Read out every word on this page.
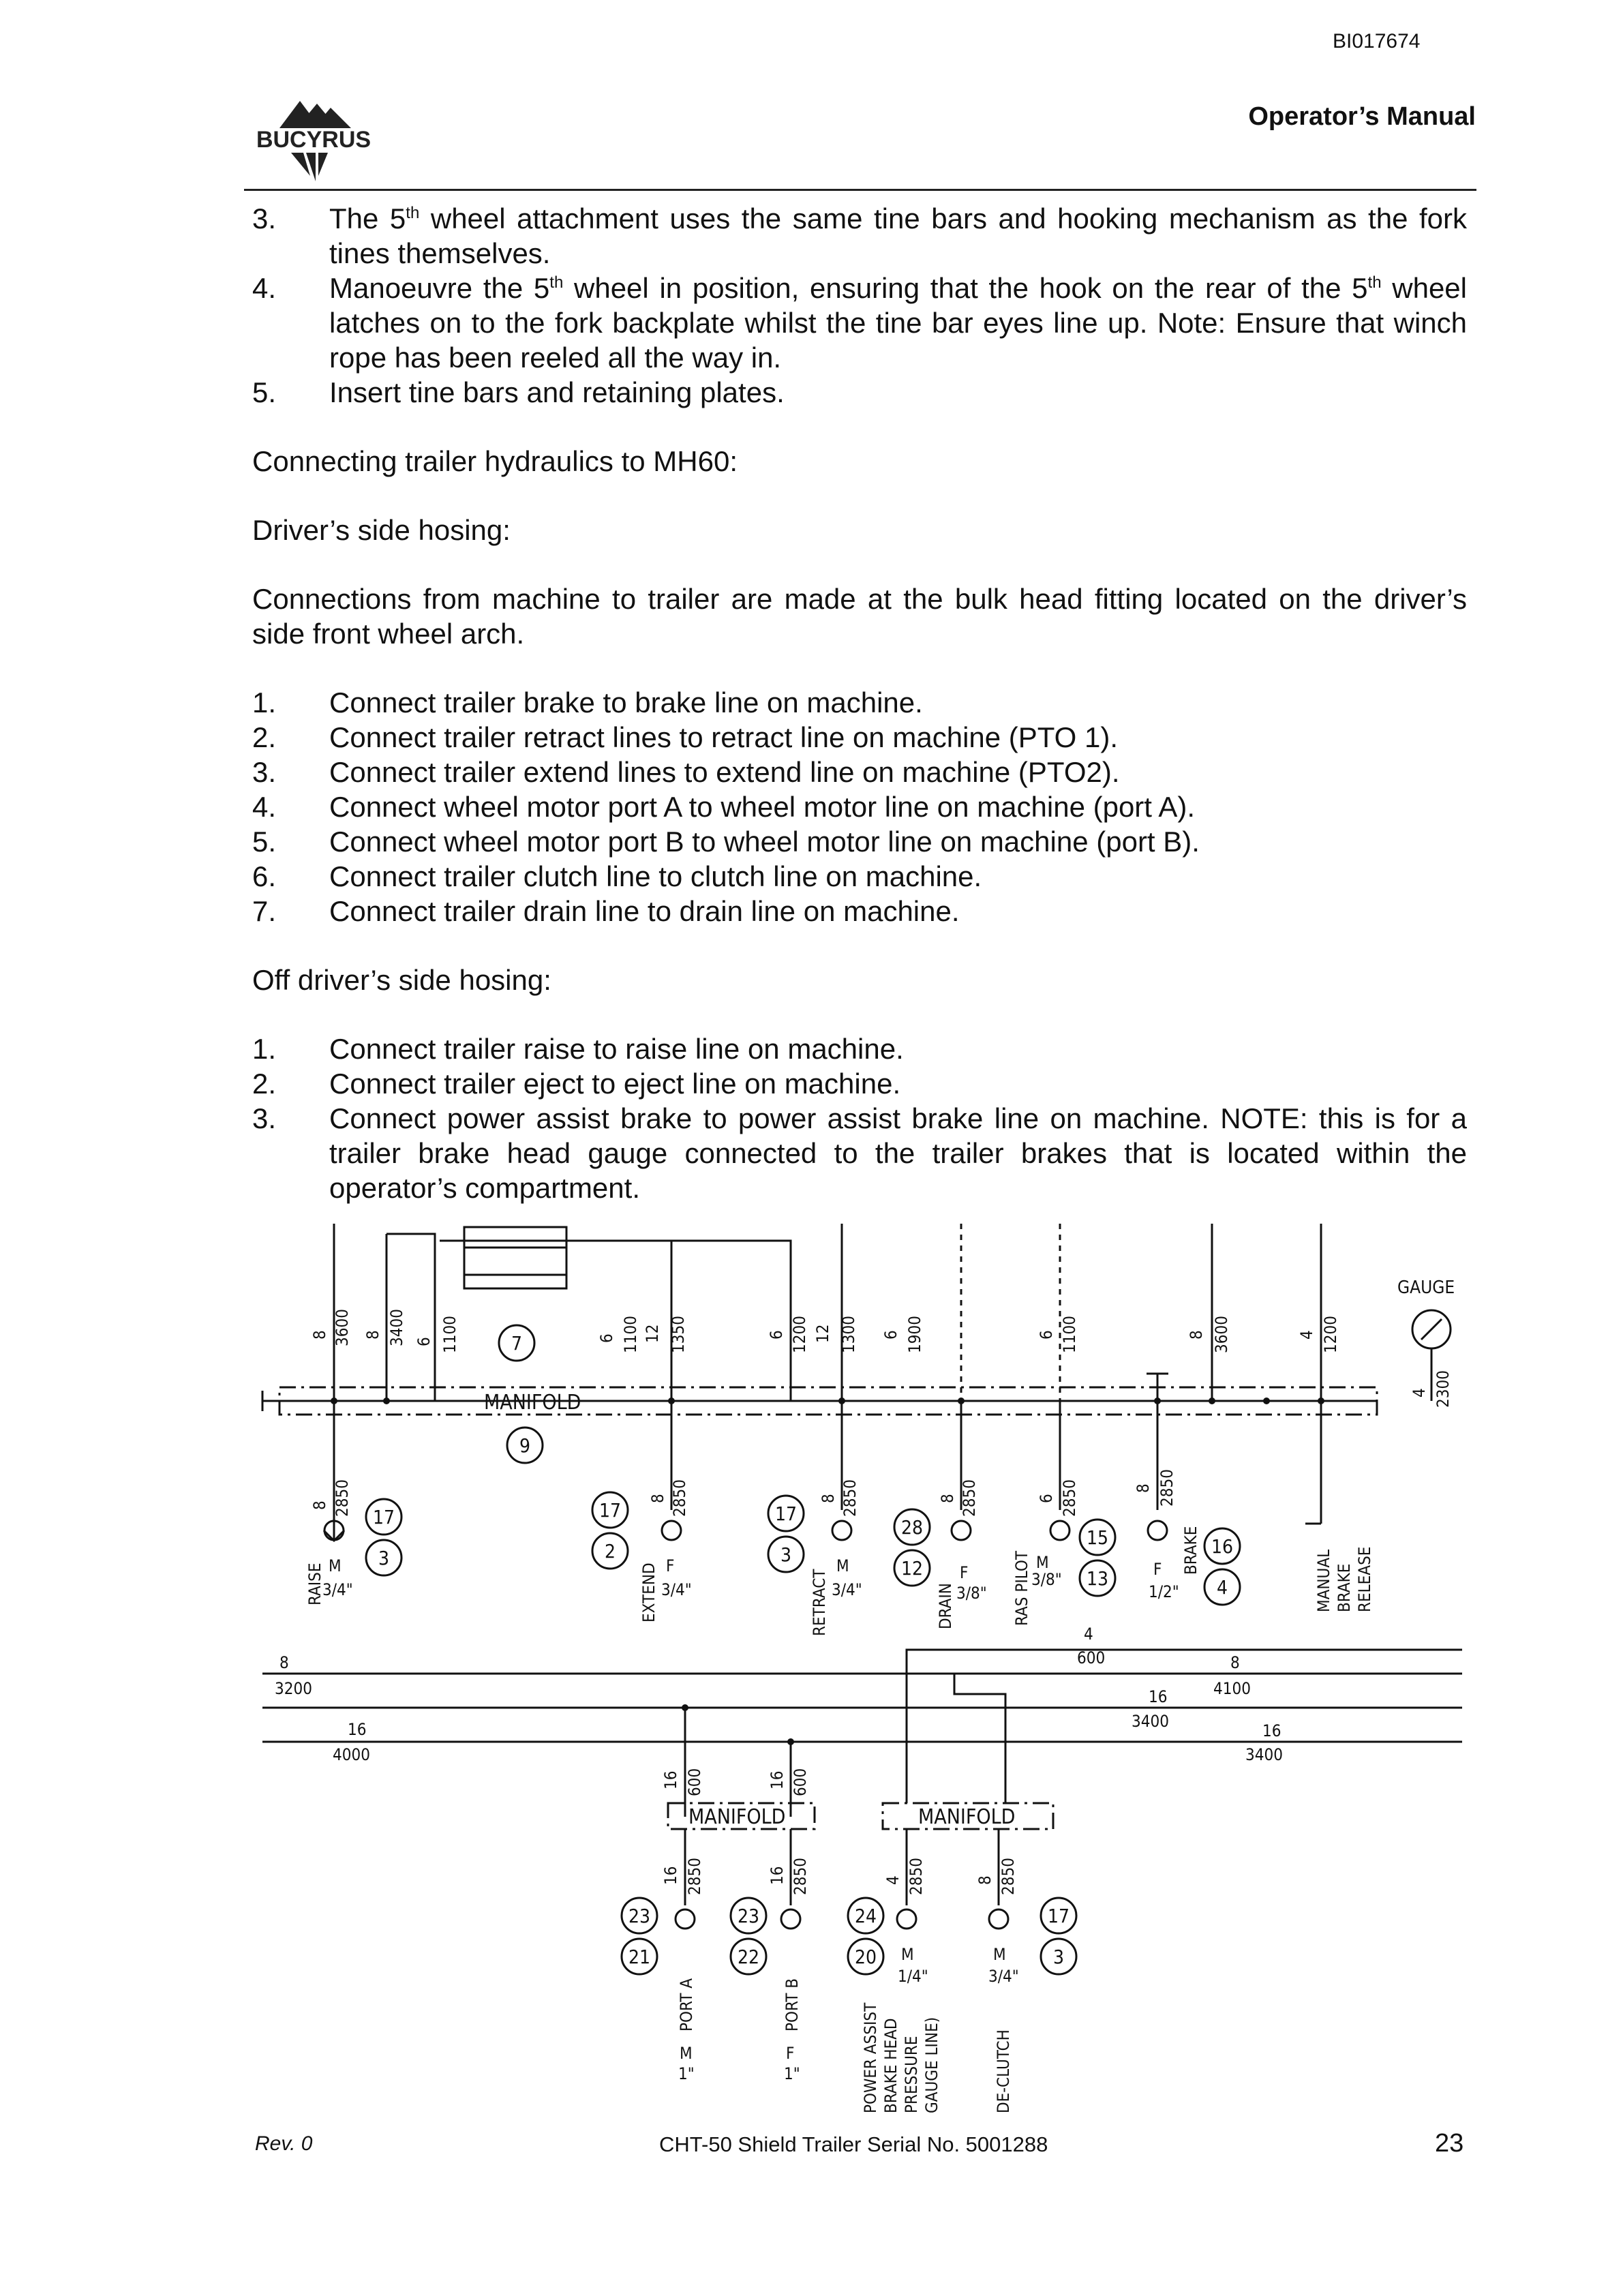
BI017674
BUCYRUS
Operator’s Manual
3.	The 5th wheel attachment uses the same tine bars and hooking mechanism as the fork tines themselves.
4.	Manoeuvre the 5th wheel in position, ensuring that the hook on the rear of the 5th wheel latches on to the fork backplate whilst the tine bar eyes line up. Note: Ensure that winch rope has been reeled all the way in.
5.	Insert tine bars and retaining plates.

Connecting trailer hydraulics to MH60:

Driver’s side hosing:

Connections from machine to trailer are made at the bulk head fitting located on the driver’s side front wheel arch.

1.	Connect trailer brake to brake line on machine.
2.	Connect trailer retract lines to retract line on machine (PTO 1).
3.	Connect trailer extend lines to extend line on machine (PTO2).
4.	Connect wheel motor port A to wheel motor line on machine (port A).
5.	Connect wheel motor port B to wheel motor line on machine (port B).
6.	Connect trailer clutch line to clutch line on machine.
7.	Connect trailer drain line to drain line on machine.

Off driver’s side hosing:

1.	Connect trailer raise to raise line on machine.
2.	Connect trailer eject to eject line on machine.
3.	Connect power assist brake to power assist brake line on machine. NOTE: this is for a trailer brake head gauge connected to the trailer brakes that is located within the operator’s compartment.
8 3600 8 3400 6 1100	6 1100 12 1350	6 1200 12 1300 6 1900	6 1100	8 3600	4 1200
4 2300
GAUGE
MANIFOLD
9
7
RAISE
8 2850
M
3/4"	EXTEND
8 2850
F
3/4"	RETRACT
8 2850
M
3/4"	DRAIN
8 2850
F
3/8" RAS PILOT
6 2850
M
3/8"
BRAKE
8 2850
F
1/2"	MANUAL BRAKE RELEASE
17
3
17
2
17
3
28
12
15
13
16
4
8
3200
16
4000
4
600	8
4100
16
3400	16
3400
16 600	16 600
MANIFOLD	MANIFOLD
16 2850
PORT A
M
1"
16 2850
PORT B
F
1"
4 2850
M
1/4"
POWER ASSIST BRAKE HEAD PRESSURE GAUGE LINE)
8 2850
M
3/4"
DE-CLUTCH
23
21
23
22
24
20
17
3
Rev. 0	CHT-50 Shield Trailer Serial No. 5001288	23
